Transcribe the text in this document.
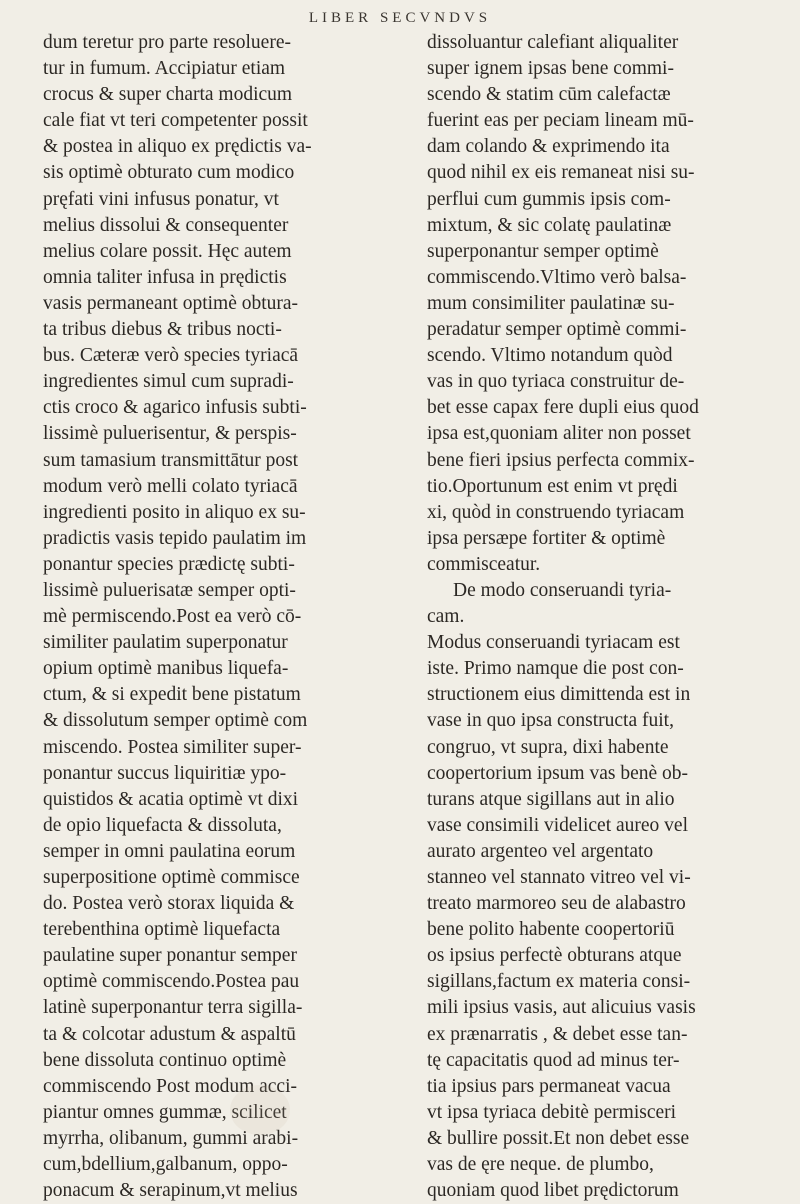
LIBER SECVNDVS
dum teretur pro parte resoluere-
tur in fumum. Accipiatur etiam
crocus & super charta modicum
cale fiat vt teri competenter possit
& postea in aliquo ex prędictis va-
sis optimè obturato cum modico
pręfati vini infusus ponatur, vt
melius dissolui & consequenter
melius colare possit. Hęc autem
omnia taliter infusa in prędictis
vasis permaneant optimè obtura-
ta tribus diebus & tribus nocti-
bus. Cæteræ verò species tyriacā
ingredientes simul cum supradi-
ctis croco & agarico infusis subti-
lissimè puluerisentur, & perspis-
sum tamasium transmittātur post
modum verò melli colato tyriacā
ingredienti posito in aliquo ex su-
pradictis vasis tepido paulatim im
ponantur species prædictę subti-
lissimè puluerisatæ semper opti-
mè permiscendo.Post ea verò cō-
similiter paulatim superponatur
opium optimè manibus liquefa-
ctum, & si expedit bene pistatum
& dissolutum semper optimè com
miscendo. Postea similiter super-
ponantur succus liquiritiæ ypo-
quistidos & acatia optimè vt dixi
de opio liquefacta & dissoluta,
semper in omni paulatina eorum
superpositione optimè commisce
do. Postea verò storax liquida &
terebenthina optimè liquefacta
paulatine super ponantur semper
optimè commiscendo.Postea pau
latinè superponantur terra sigilla-
ta & colcotar adustum & aspaltū
bene dissoluta continuo optimè
commiscendo Post modum acci-
piantur omnes gummæ, scilicet
myrrha, olibanum, gummi arabi-
cum,bdellium,galbanum, oppo-
ponacum & serapinum,vt melius
dissoluantur calefiant aliqualiter
super ignem ipsas bene commi-
scendo & statim cūm calefactæ
fuerint eas per peciam lineam mū-
dam colando & exprimendo ita
quod nihil ex eis remaneat nisi su-
perflui cum gummis ipsis com-
mixtum, & sic colatę paulatinæ
superponantur semper optimè
commiscendo.Vltimo verò balsa-
mum consimiliter paulatinæ su-
peradatur semper optimè commi-
scendo. Vltimo notandum quòd
vas in quo tyriaca construitur de-
bet esse capax fere dupli eius quod
ipsa est,quoniam aliter non posset
bene fieri ipsius perfecta commix-
tio.Oportunum est enim vt prędi
xi, quòd in construendo tyriacam
ipsa persæpe fortiter & optimè
commisceatur.
De modo conseruandi tyria-
cam.
Modus conseruandi tyriacam est
iste. Primo namque die post con-
structionem eius dimittenda est in
vase in quo ipsa constructa fuit,
congruo, vt supra, dixi habente
coopertorium ipsum vas benè ob-
turans atque sigillans aut in alio
vase consimili videlicet aureo vel
aurato argenteo vel argentato
stanneo vel stannato vitreo vel vi-
treato marmoreo seu de alabastro
bene polito habente coopertoriū
os ipsius perfectè obturans atque
sigillans,factum ex materia consi-
mili ipsius vasis, aut alicuius vasis
ex prænarratis , & debet esse tan-
tę capacitatis quod ad minus ter-
tia ipsius pars permaneat vacua
vt ipsa tyriaca debitè permisceri
& bullire possit.Et non debet esse
vas de ęre neque. de plumbo,
quoniam quod libet prędictorum
